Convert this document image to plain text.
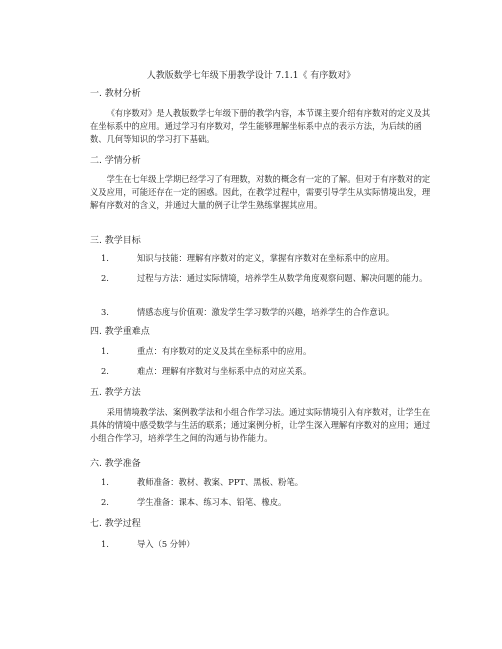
人教版数学七年级下册教学设计 7.1.1《 有序数对》
一. 教材分析
《有序数对》是人教版数学七年级下册的教学内容，本节课主要介绍有序数对的定义及其在坐标系中的应用。通过学习有序数对，学生能够理解坐标系中点的表示方法，为后续的函数、几何等知识的学习打下基础。
二. 学情分析
学生在七年级上学期已经学习了有理数，对数的概念有一定的了解。但对于有序数对的定义及应用，可能还存在一定的困惑。因此，在教学过程中，需要引导学生从实际情境出发，理解有序数对的含义，并通过大量的例子让学生熟练掌握其应用。
三. 教学目标
1.	知识与技能：理解有序数对的定义，掌握有序数对在坐标系中的应用。
2.	过程与方法：通过实际情境，培养学生从数学角度观察问题、解决问题的能力。
3.	情感态度与价值观：激发学生学习数学的兴趣，培养学生的合作意识。
四. 教学重难点
1.	重点：有序数对的定义及其在坐标系中的应用。
2.	难点：理解有序数对与坐标系中点的对应关系。
五. 教学方法
采用情境教学法、案例教学法和小组合作学习法。通过实际情境引入有序数对，让学生在具体的情境中感受数学与生活的联系；通过案例分析，让学生深入理解有序数对的应用；通过小组合作学习，培养学生之间的沟通与协作能力。
六. 教学准备
1.	教师准备：教材、教案、PPT、黑板、粉笔。
2.	学生准备：课本、练习本、铅笔、橡皮。
七. 教学过程
1.	导入（5 分钟）
